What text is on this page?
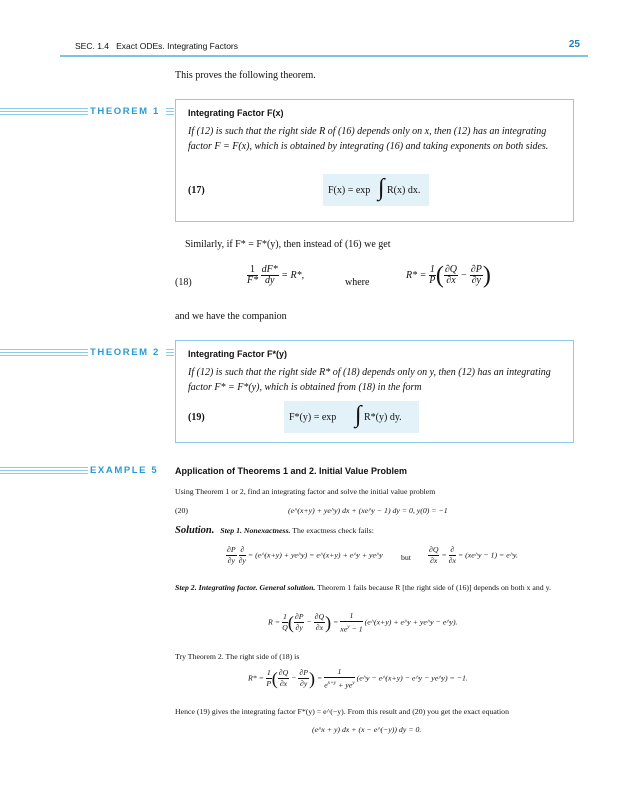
SEC. 1.4 Exact ODEs. Integrating Factors	25
This proves the following theorem.
THEOREM 1	Integrating Factor F(x)
If (12) is such that the right side R of (16) depends only on x, then (12) has an integrating factor F = F(x), which is obtained by integrating (16) and taking exponents on both sides.
(17)	F(x) = exp ∫ R(x) dx.
Similarly, if F* = F*(y), then instead of (16) we get
(18)	$\frac{1}{F*}$
$\frac{dF*}{dy} = R*$,
where
$R* = \frac{1}{P}$ ( $\frac{\partial Q}{\partial x} - \frac{\partial P}{\partial y}$ )
and we have the companion
THEOREM 2	Integrating Factor F*(y)
If (12) is such that the right side R* of (18) depends only on y, then (12) has an integrating factor F* = F*(y), which is obtained from (18) in the form
(19)	F*(y) = exp ∫ R*(y) dy.
EXAMPLE 5 Application of Theorems 1 and 2. Initial Value Problem
Using Theorem 1 or 2, find an integrating factor and solve the initial value problem
(20)	(e^(x+y) + ye^y) dx + (xe^y − 1) dy = 0, y(0) = −1
Solution. Step 1. Nonexactness. The exactness check fails:
$\frac{\partial P}{\partial y}$
$\frac{\partial}{\partial y}$ = (e^(x+y) + ye^y) = e^(x+y) + e^y + ye^y but $\frac{\partial Q}{\partial x} = \frac{\partial}{\partial x}$ = (xe^y − 1) = e^y.
Step 2. Integrating factor. General solution. Theorem 1 fails because R [the right side of (16)] depends on both x and y.
$R = \frac{1}{Q}$ ( $\frac{\partial P}{\partial y} - \frac{\partial Q}{\partial x}$ ) = $\frac{1}{xe^y - 1}$ (e^(x+y) + e^y + ye^y − e^y).
Try Theorem 2. The right side of (18) is
$R* = \frac{1}{P}$ ( $\frac{\partial Q}{\partial x} - \frac{\partial P}{\partial y}$ ) = $\frac{1}{e^{x+y} + ye^y}$ (e^y − e^(x+y) − e^y − ye^y) = −1.
Hence (19) gives the integrating factor F*(y) = e^(−y). From this result and (20) you get the exact equation
(e^x + y) dx + (x − e^(−y)) dy = 0.
